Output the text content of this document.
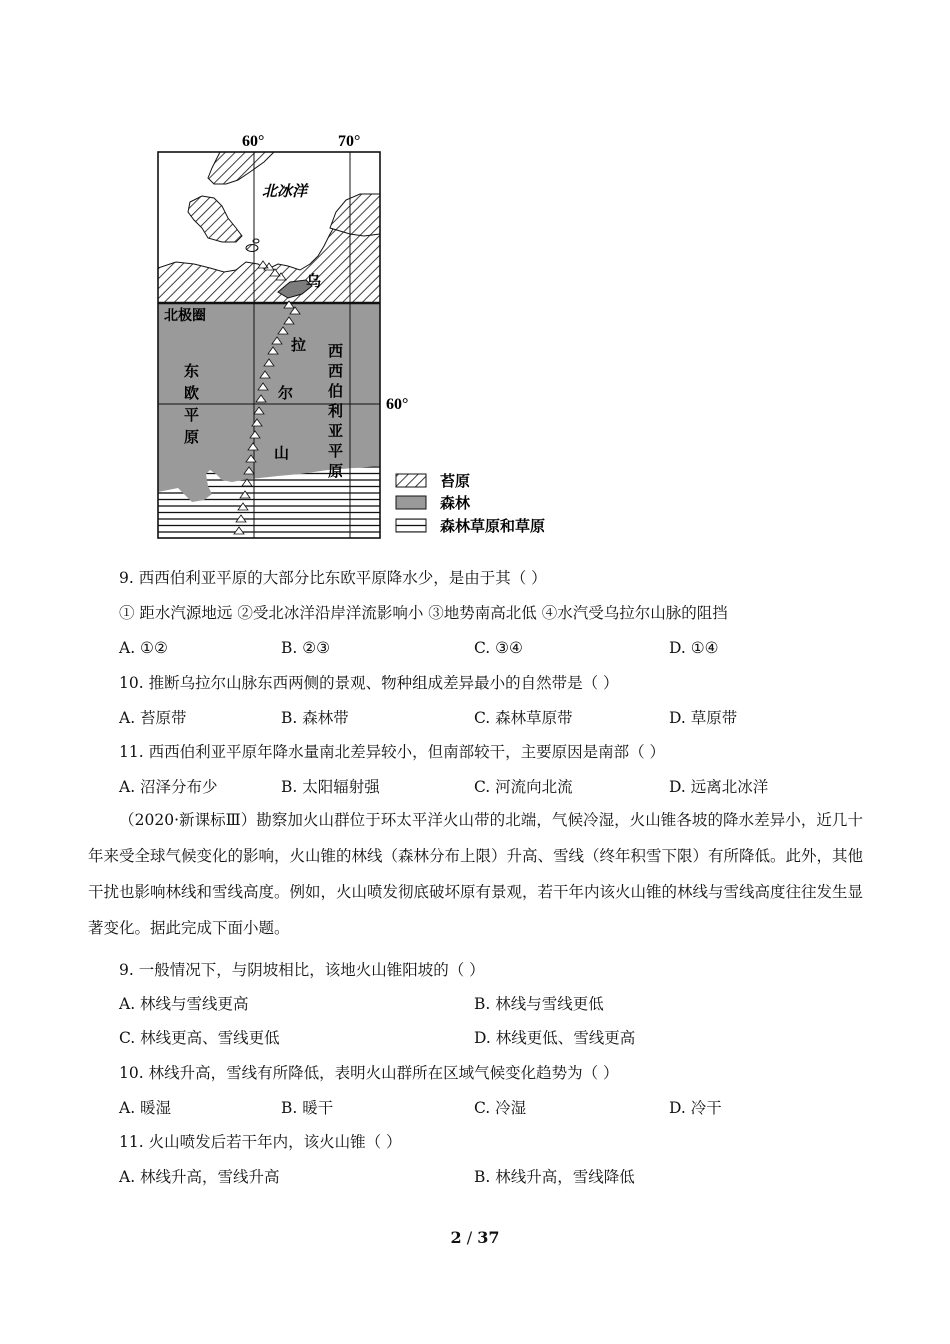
60°	70°
60°
北冰洋
北极圈
乌
拉
尔
山
东
欧
平
原
西
西
伯
利
亚
平
原
苔原
森林
森林草原和草原
9. 西西伯利亚平原的大部分比东欧平原降水少，是由于其（ ）
① 距水汽源地远 ②受北冰洋沿岸洋流影响小 ③地势南高北低 ④水汽受乌拉尔山脉的阻挡
A. ①②	B. ②③	C. ③④	D. ①④
10. 推断乌拉尔山脉东西两侧的景观、物种组成差异最小的自然带是（ ）
A. 苔原带	B. 森林带	C. 森林草原带	D. 草原带
11. 西西伯利亚平原年降水量南北差异较小，但南部较干，主要原因是南部（ ）
A. 沼泽分布少	B. 太阳辐射强	C. 河流向北流	D. 远离北冰洋
（2020·新课标Ⅲ）勘察加火山群位于环太平洋火山带的北端，气候冷湿，火山锥各坡的降水差异小，近几十年来受全球气候变化的影响，火山锥的林线（森林分布上限）升高、雪线（终年积雪下限）有所降低。此外，其他干扰也影响林线和雪线高度。例如，火山喷发彻底破坏原有景观，若干年内该火山锥的林线与雪线高度往往发生显著变化。据此完成下面小题。
9. 一般情况下，与阴坡相比，该地火山锥阳坡的（ ）
A. 林线与雪线更高	B. 林线与雪线更低
C. 林线更高、雪线更低	D. 林线更低、雪线更高
10. 林线升高，雪线有所降低，表明火山群所在区域气候变化趋势为（ ）
A. 暖湿	B. 暖干	C. 冷湿	D. 冷干
11. 火山喷发后若干年内，该火山锥（ ）
A. 林线升高，雪线升高	B. 林线升高，雪线降低
2 / 37
